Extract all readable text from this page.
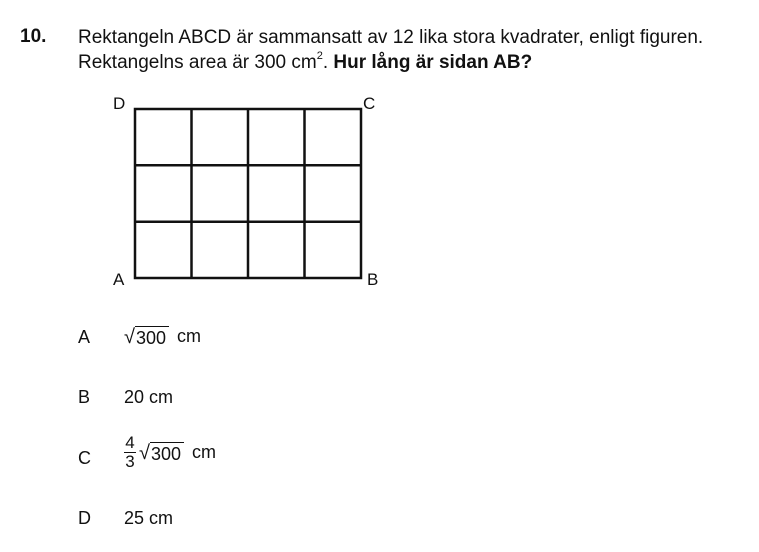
10. Rektangeln ABCD är sammansatt av 12 lika stora kvadrater, enligt figuren.
Rektangelns area är 300 $cm^2$. Hur lång är sidan AB?
D	C
A	B
A √ 300 cm
B 20 cm
C $\frac{4}{3}$ √ 300 cm
D 25 cm
